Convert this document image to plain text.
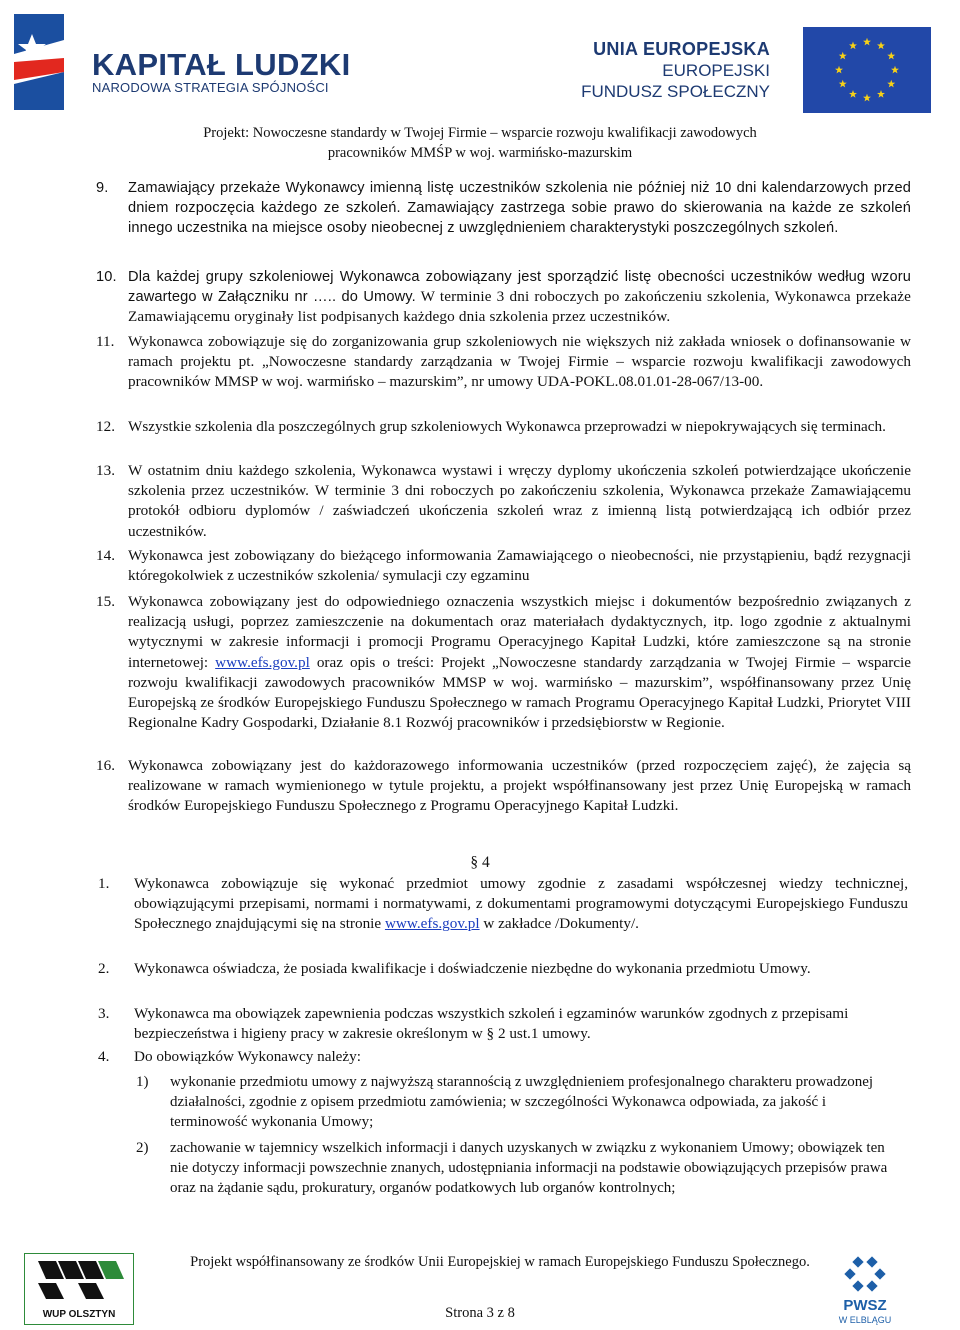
KAPITAŁ LUDZKI
NARODOWA STRATEGIA SPÓJNOŚCI
UNIA EUROPEJSKA
EUROPEJSKI
FUNDUSZ SPOŁECZNY
Projekt: Nowoczesne standardy w Twojej Firmie – wsparcie rozwoju kwalifikacji zawodowych
pracowników MMŚP w woj. warmińsko-mazurskim
9.	Zamawiający przekaże Wykonawcy imienną listę uczestników szkolenia nie później niż 10 dni kalendarzowych przed dniem rozpoczęcia każdego ze szkoleń. Zamawiający zastrzega sobie prawo do skierowania na każde ze szkoleń innego uczestnika na miejsce osoby nieobecnej z uwzględnieniem charakterystyki poszczególnych szkoleń.
10. Dla każdej grupy szkoleniowej Wykonawca zobowiązany jest sporządzić listę obecności uczestników według wzoru zawartego w Załączniku nr ….. do Umowy. W terminie 3 dni roboczych po zakończeniu szkolenia, Wykonawca przekaże Zamawiającemu oryginały list podpisanych każdego dnia szkolenia przez uczestników.
11. Wykonawca zobowiązuje się do zorganizowania grup szkoleniowych nie większych niż zakłada wniosek o dofinansowanie w ramach projektu pt. „Nowoczesne standardy zarządzania w Twojej Firmie – wsparcie rozwoju kwalifikacji zawodowych pracowników MMSP w woj. warmińsko – mazurskim”, nr umowy UDA-POKL.08.01.01-28-067/13-00.
12. Wszystkie szkolenia dla poszczególnych grup szkoleniowych Wykonawca przeprowadzi w niepokrywających się terminach.
13. W ostatnim dniu każdego szkolenia, Wykonawca wystawi i wręczy dyplomy ukończenia szkoleń potwierdzające ukończenie szkolenia przez uczestników. W terminie 3 dni roboczych po zakończeniu szkolenia, Wykonawca przekaże Zamawiającemu protokół odbioru dyplomów / zaświadczeń ukończenia szkoleń wraz z imienną listą potwierdzającą ich odbiór przez uczestników.
14. Wykonawca jest zobowiązany do bieżącego informowania Zamawiającego o nieobecności, nie przystąpieniu, bądź rezygnacji któregokolwiek z uczestników szkolenia/ symulacji czy egzaminu
15. Wykonawca zobowiązany jest do odpowiedniego oznaczenia wszystkich miejsc i dokumentów bezpośrednio związanych z realizacją usługi, poprzez zamieszczenie na dokumentach oraz materiałach dydaktycznych, itp. logo zgodnie z aktualnymi wytycznymi w zakresie informacji i promocji Programu Operacyjnego Kapitał Ludzki, które zamieszczone są na stronie internetowej: www.efs.gov.pl oraz opis o treści: Projekt „Nowoczesne standardy zarządzania w Twojej Firmie – wsparcie rozwoju kwalifikacji zawodowych pracowników MMSP w woj. warmińsko – mazurskim”, współfinansowany przez Unię Europejską ze środków Europejskiego Funduszu Społecznego w ramach Programu Operacyjnego Kapitał Ludzki, Priorytet VIII Regionalne Kadry Gospodarki, Działanie 8.1 Rozwój pracowników i przedsiębiorstw w Regionie.
16. Wykonawca zobowiązany jest do każdorazowego informowania uczestników (przed rozpoczęciem zajęć), że zajęcia są realizowane w ramach wymienionego w tytule projektu, a projekt współfinansowany jest przez Unię Europejską w ramach środków Europejskiego Funduszu Społecznego z Programu Operacyjnego Kapitał Ludzki.
§ 4
1.	Wykonawca zobowiązuje się wykonać przedmiot umowy zgodnie z zasadami współczesnej wiedzy technicznej, obowiązującymi przepisami, normami i normatywami, z dokumentami programowymi dotyczącymi Europejskiego Funduszu Społecznego znajdującymi się na stronie www.efs.gov.pl w zakładce /Dokumenty/.
2.	Wykonawca oświadcza, że posiada kwalifikacje i doświadczenie niezbędne do wykonania przedmiotu Umowy.
3.	Wykonawca ma obowiązek zapewnienia podczas wszystkich szkoleń i egzaminów warunków zgodnych z przepisami bezpieczeństwa i higieny pracy w zakresie określonym w § 2 ust.1 umowy.
4.	Do obowiązków Wykonawcy należy:
1)	wykonanie przedmiotu umowy z najwyższą starannością z uwzględnieniem profesjonalnego charakteru prowadzonej działalności, zgodnie z opisem przedmiotu zamówienia; w szczególności Wykonawca odpowiada, za jakość i terminowość wykonania Umowy;
2)	zachowanie w tajemnicy wszelkich informacji i danych uzyskanych w związku z wykonaniem Umowy; obowiązek ten nie dotyczy informacji powszechnie znanych, udostępniania informacji na podstawie obowiązujących przepisów prawa oraz na żądanie sądu, prokuratury, organów podatkowych lub organów kontrolnych;
Projekt współfinansowany ze środków Unii Europejskiej w ramach Europejskiego Funduszu Społecznego.
WUP OLSZTYN	Strona 3 z 8	PWSZ
W ELBLĄGU
